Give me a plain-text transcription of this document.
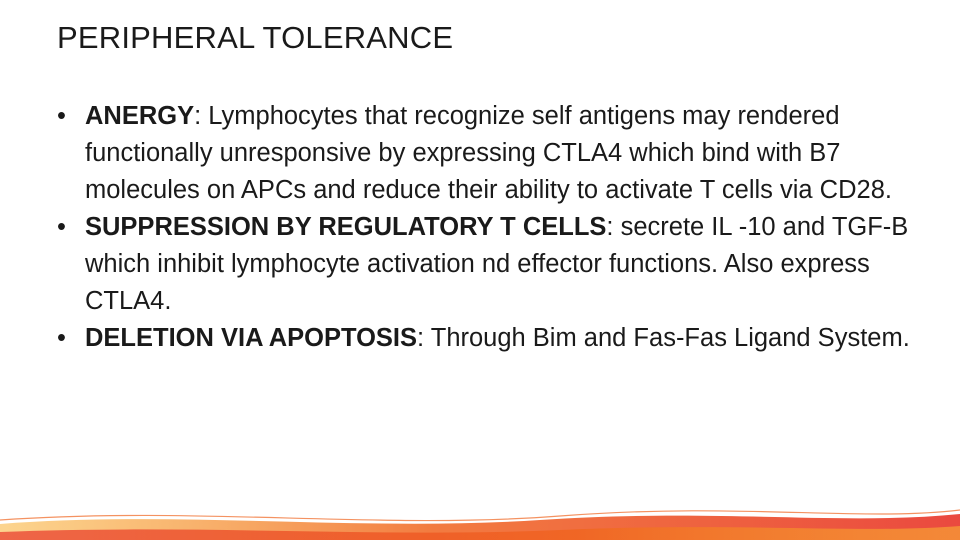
PERIPHERAL TOLERANCE
• ANERGY: Lymphocytes that recognize self antigens may rendered functionally unresponsive by expressing CTLA4 which bind with B7 molecules on APCs and reduce their ability to activate T cells via CD28.
• SUPPRESSION BY REGULATORY T CELLS: secrete IL -10 and TGF-B which inhibit lymphocyte activation nd effector functions. Also express CTLA4.
• DELETION VIA APOPTOSIS: Through Bim and Fas-Fas Ligand System.
